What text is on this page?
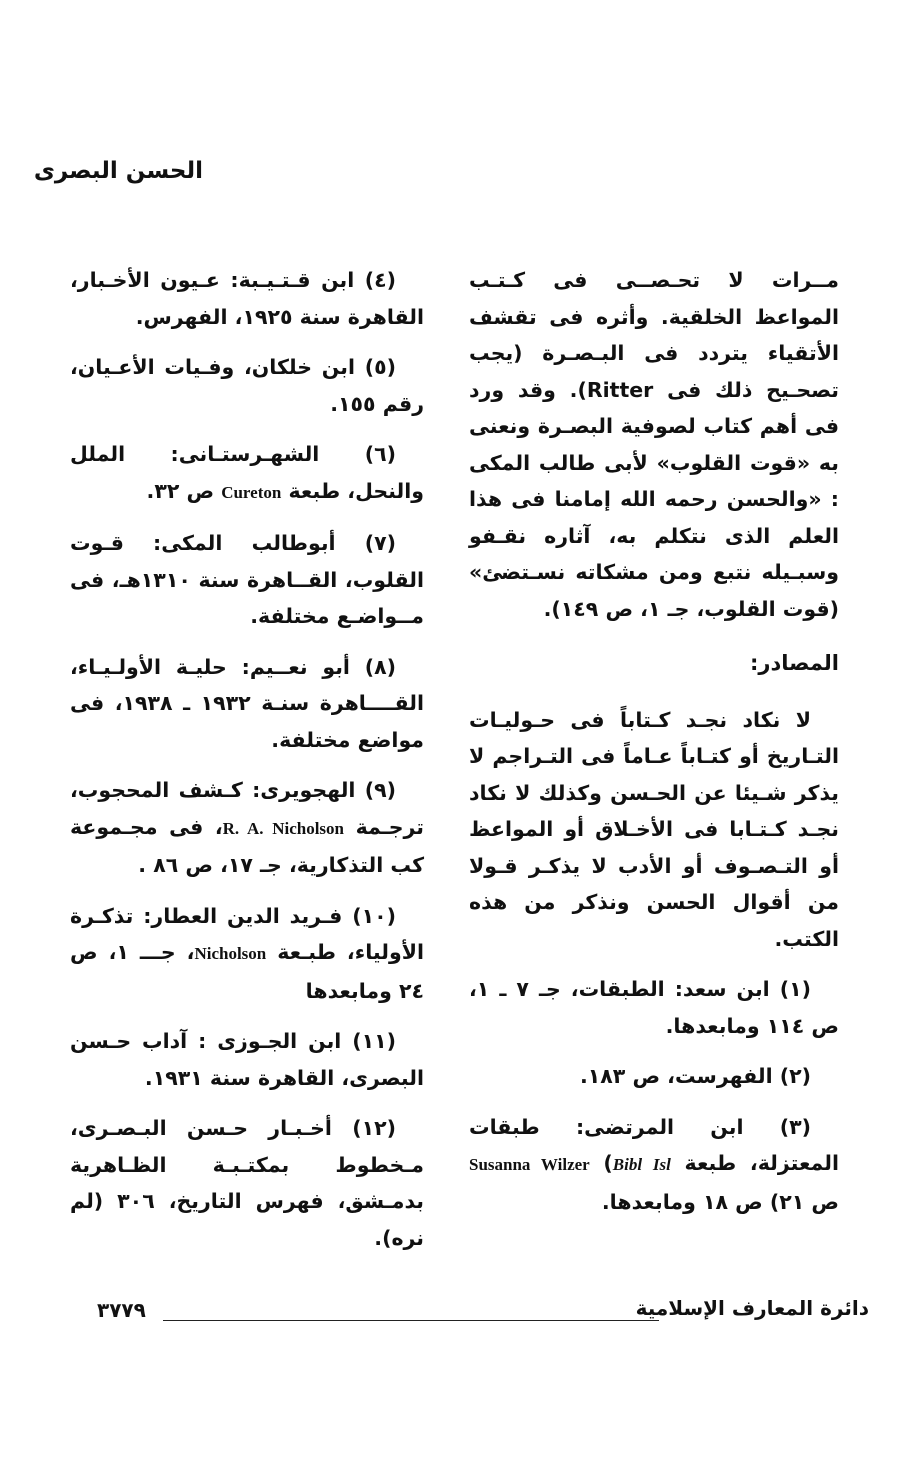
الحسن البصرى

مــرات لا تحـصــى فى كـتـب المواعظ الخلقية. وأثره فى تقشف الأتقياء يتردد فى البـصـرة (يجب تصحـيح ذلك فى Ritter). وقد ورد فى أهم كتاب لصوفية البصـرة ونعنى به «قوت القلوب» لأبى طالب المكى : «والحسن رحمه الله إمامنا فى هذا العلم الذى نتكلم به، آثاره نقـفو وسبـيله نتبع ومن مشكاته نسـتضئ» (قوت القلوب، جـ ١، ص ١٤٩).

المصادر:

لا نكاد نجـد كـتاباً فى حـوليـات التـاريخ أو كتـاباً عـاماً فى التـراجم لا يذكر شـيئا عن الحـسن وكذلك لا نكاد نجـد كـتـابا فى الأخـلاق أو المواعظ أو التـصـوف أو الأدب لا يذكـر قـولا من أقوال الحسن ونذكر من هذه الكتب.

(١) ابن سعد: الطبقات، جـ ٧ ـ ١، ص ١١٤ ومابعدها.
(٢) الفهرست، ص ١٨٣.
(٣) ابن المرتضى: طبقات المعتزلة، طبعة Susanna Wilzer (Bibl Isl ص ٢١) ص ١٨ ومابعدها.
(٤) ابن قـتـيـبة: عـيون الأخـبار، القاهرة سنة ١٩٢٥، الفهرس.
(٥) ابن خلكان، وفـيات الأعـيان، رقم ١٥٥.
(٦) الشهـرستـانى: الملل والنحل، طبعة Cureton ص ٣٢.
(٧) أبوطالب المكى: قـوت القلوب، القــاهرة سنة ١٣١٠هـ، فى مــواضـع مختلفة.
(٨) أبو نعــيم: حليـة الأولـيـاء، القــــاهرة سنـة ١٩٣٢ ـ ١٩٣٨، فى مواضع مختلفة.
(٩) الهجويرى: كـشف المحجوب، ترجـمة R. A. Nicholson، فى مجـموعة كب التذكارية، جـ ١٧، ص ٨٦ .
(١٠) فـريد الدين العطار: تذكـرة الأولياء، طبـعة Nicholson، جـــ ١، ص ٢٤ ومابعدها
(١١) ابن الجـوزى : آداب حـسن البصرى، القاهرة سنة ١٩٣١.
(١٢) أخـبـار حـسن البـصـرى، مـخطوط بمكتـبـة الظـاهرية بدمـشق، فهرس التاريخ، ٣٠٦ (لم نره).
دائرة المعارف الإسلامية
٣٧٧٩
